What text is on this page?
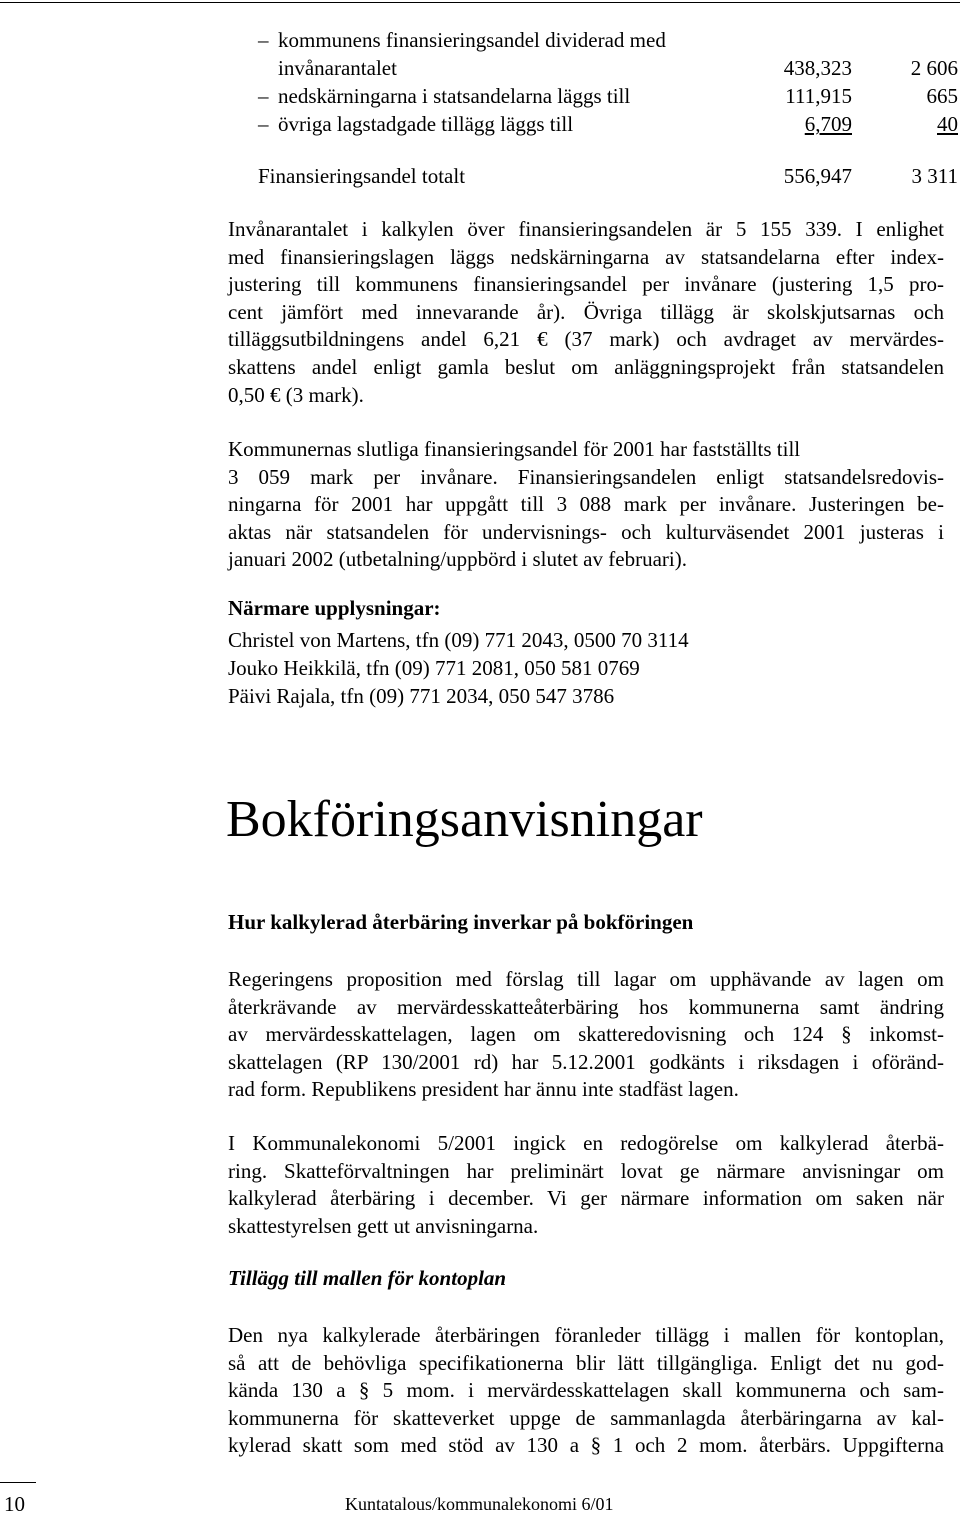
– kommunens finansieringsandel dividerad med
invånarantalet	438,323	2 606
– nedskärningarna i statsandelarna läggs till	111,915	665
– övriga lagstadgade tillägg läggs till	6,709	40
Finansieringsandel totalt	556,947	3 311

Invånarantalet i kalkylen över finansieringsandelen är 5 155 339. I enlighet
med finansieringslagen läggs nedskärningarna av statsandelarna efter index-
justering till kommunens finansieringsandel per invånare (justering 1,5 pro-
cent jämfört med innevarande år). Övriga tillägg är skolskjutsarnas och
tilläggsutbildningens andel 6,21 € (37 mark) och avdraget av mervärdes-
skattens andel enligt gamla beslut om anläggningsprojekt från statsandelen
0,50 € (3 mark).

Kommunernas slutliga finansieringsandel för 2001 har fastställts till
3 059 mark per invånare. Finansieringsandelen enligt statsandelsredovis-
ningarna för 2001 har uppgått till 3 088 mark per invånare. Justeringen be-
aktas när statsandelen för undervisnings- och kulturväsendet 2001 justeras i
januari 2002 (utbetalning/uppbörd i slutet av februari).

Närmare upplysningar:
Christel von Martens, tfn (09) 771 2043, 0500 70 3114
Jouko Heikkilä, tfn (09) 771 2081, 050 581 0769
Päivi Rajala, tfn (09) 771 2034, 050 547 3786
Bokföringsanvisningar
Hur kalkylerad återbäring inverkar på bokföringen

Regeringens proposition med förslag till lagar om upphävande av lagen om
återkrävande av mervärdesskatteåterbäring hos kommunerna samt ändring
av mervärdesskattelagen, lagen om skatteredovisning och 124 § inkomst-
skattelagen (RP 130/2001 rd) har 5.12.2001 godkänts i riksdagen i oföränd-
rad form. Republikens president har ännu inte stadfäst lagen.

I Kommunalekonomi 5/2001 ingick en redogörelse om kalkylerad återbä-
ring. Skatteförvaltningen har preliminärt lovat ge närmare anvisningar om
kalkylerad återbäring i december. Vi ger närmare information om saken när
skattestyrelsen gett ut anvisningarna.

Tillägg till mallen för kontoplan

Den nya kalkylerade återbäringen föranleder tillägg i mallen för kontoplan,
så att de behövliga specifikationerna blir lätt tillgängliga. Enligt det nu god-
kända 130 a § 5 mom. i mervärdesskattelagen skall kommunerna och sam-
kommunerna för skatteverket uppge de sammanlagda återbäringarna av kal-
kylerad skatt som med stöd av 130 a § 1 och 2 mom. återbärs. Uppgifterna

10	Kuntatalous/kommunalekonomi 6/01
